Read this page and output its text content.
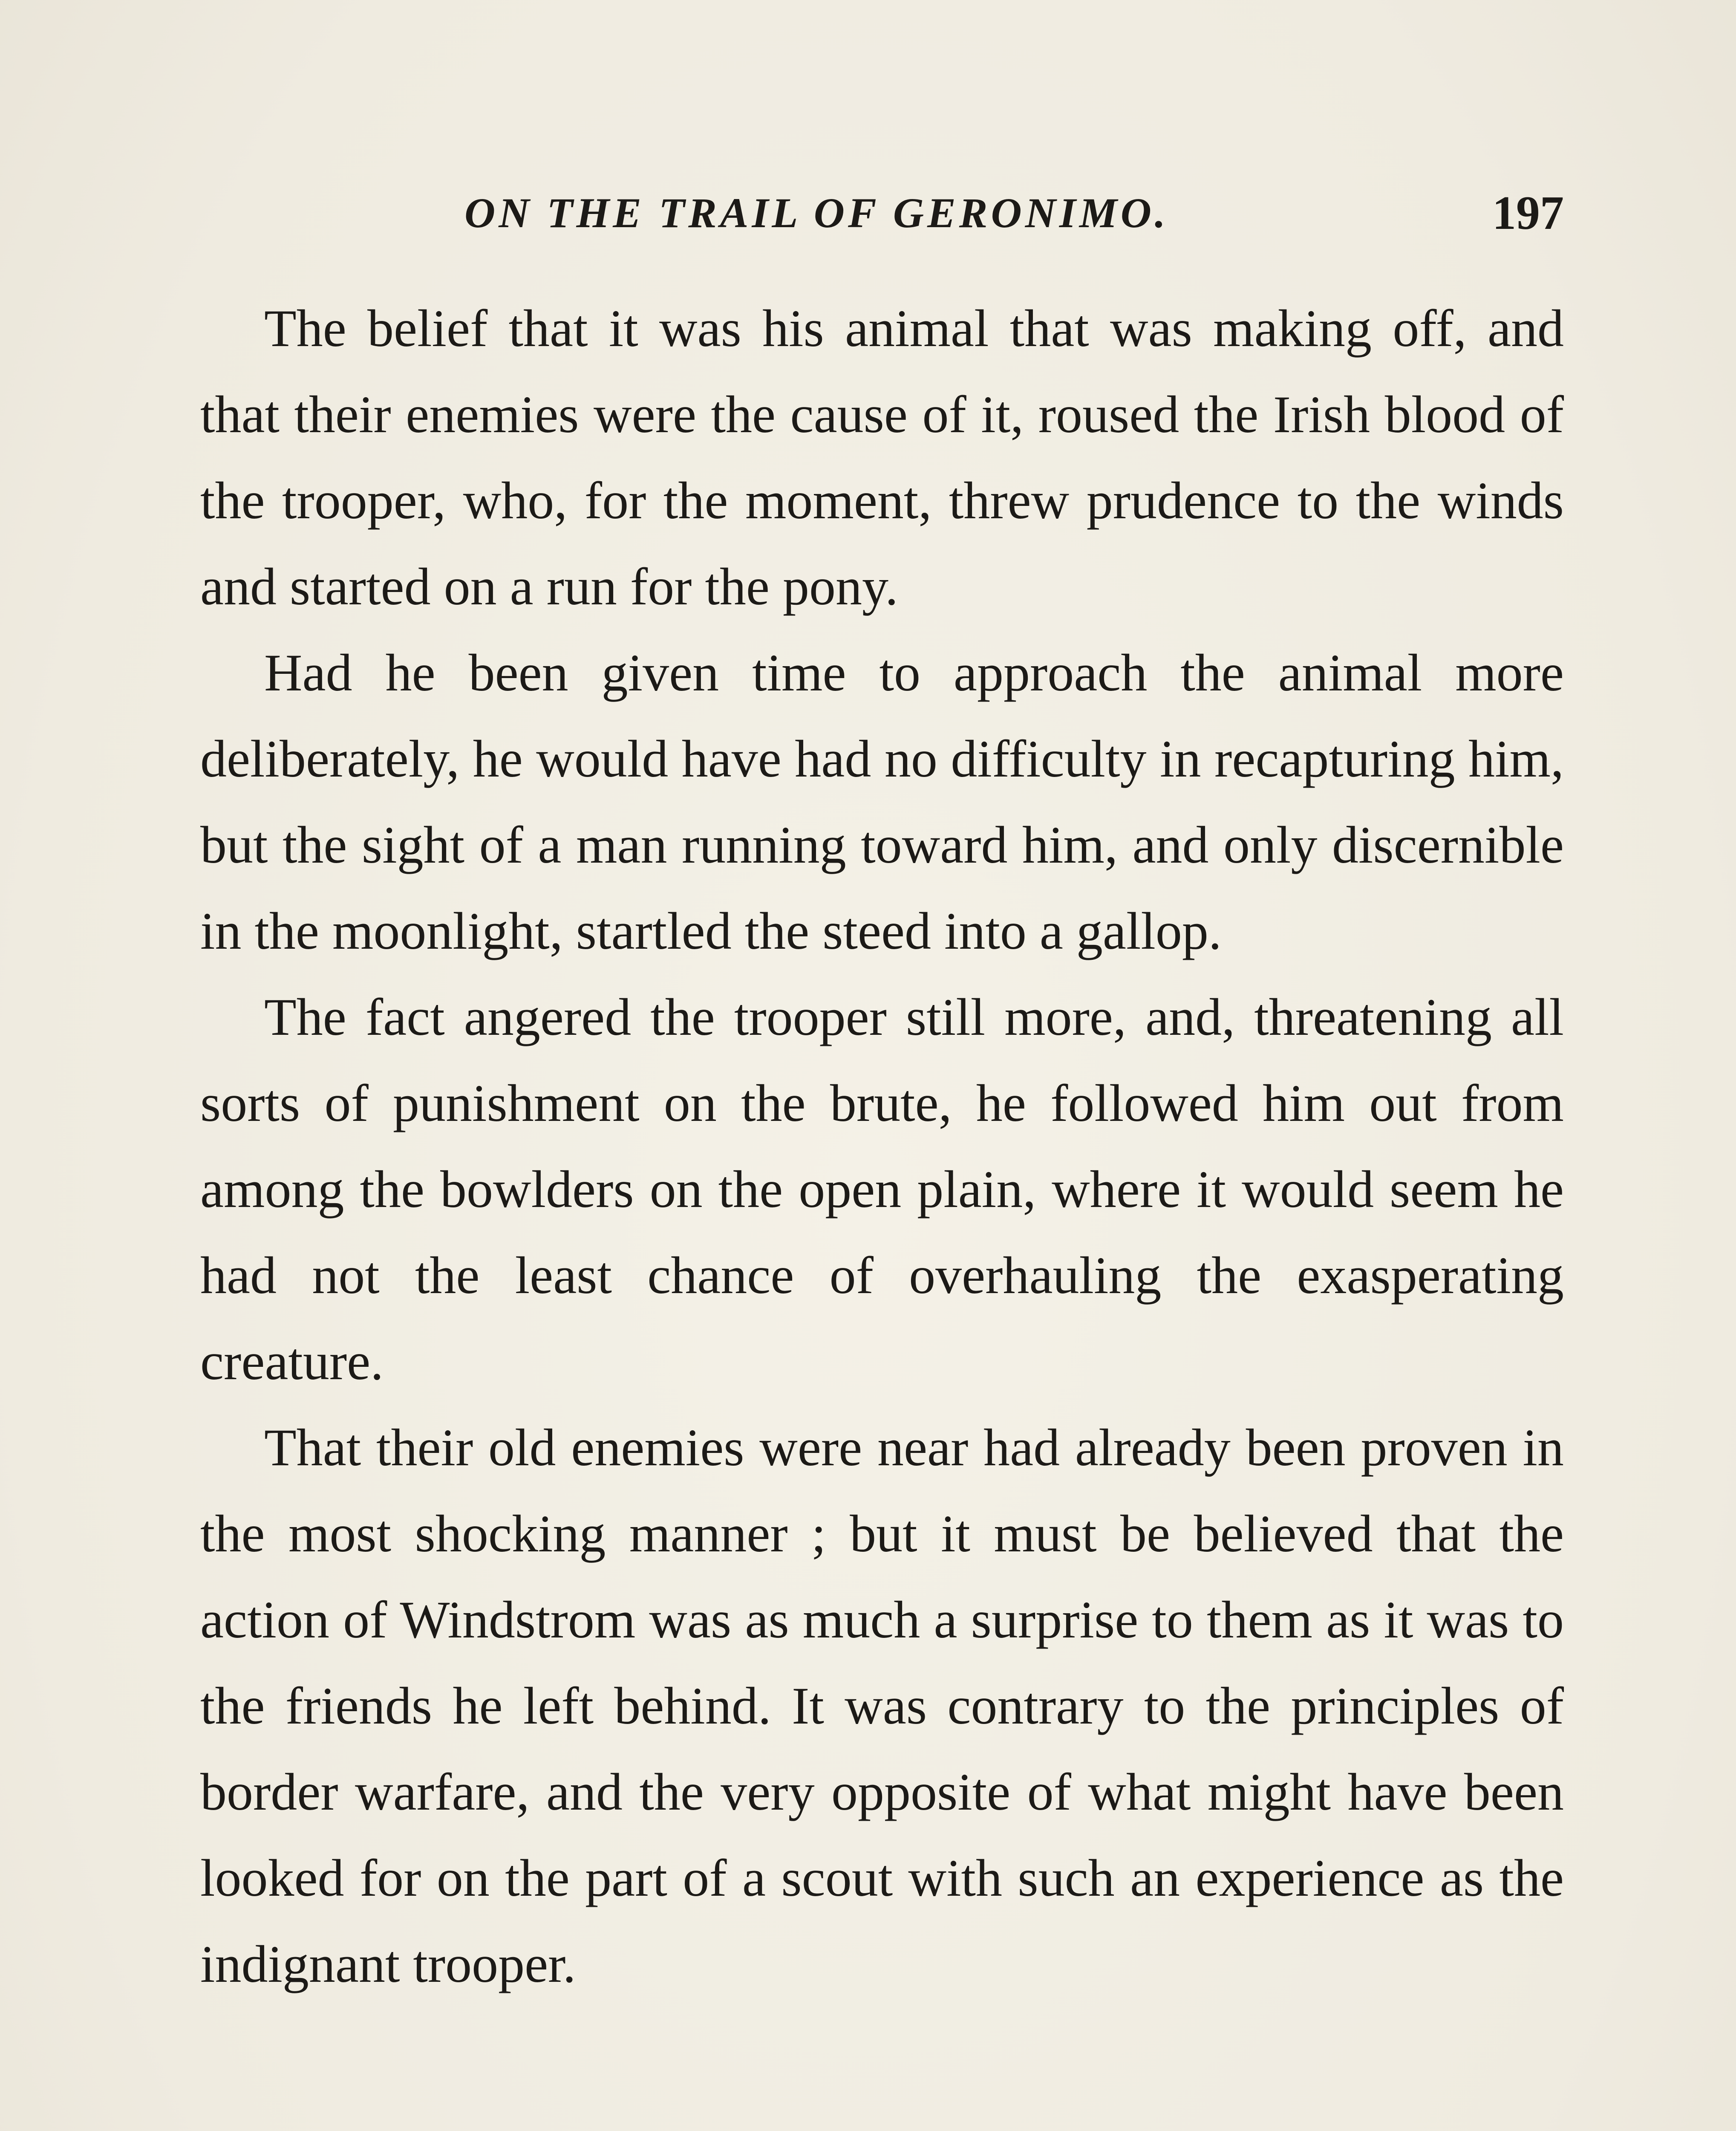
ON THE TRAIL OF GERONIMO.	197

The belief that it was his animal that was making off, and that their enemies were the cause of it, roused the Irish blood of the trooper, who, for the moment, threw prudence to the winds and started on a run for the pony.

Had he been given time to approach the animal more deliberately, he would have had no difficulty in recapturing him, but the sight of a man running toward him, and only discernible in the moonlight, startled the steed into a gallop.

The fact angered the trooper still more, and, threatening all sorts of punishment on the brute, he followed him out from among the bowlders on the open plain, where it would seem he had not the least chance of overhauling the exasperating creature.

That their old enemies were near had already been proven in the most shocking manner ; but it must be believed that the action of Windstrom was as much a surprise to them as it was to the friends he left behind. It was contrary to the principles of border warfare, and the very opposite of what might have been looked for on the part of a scout with such an experience as the indignant trooper.
